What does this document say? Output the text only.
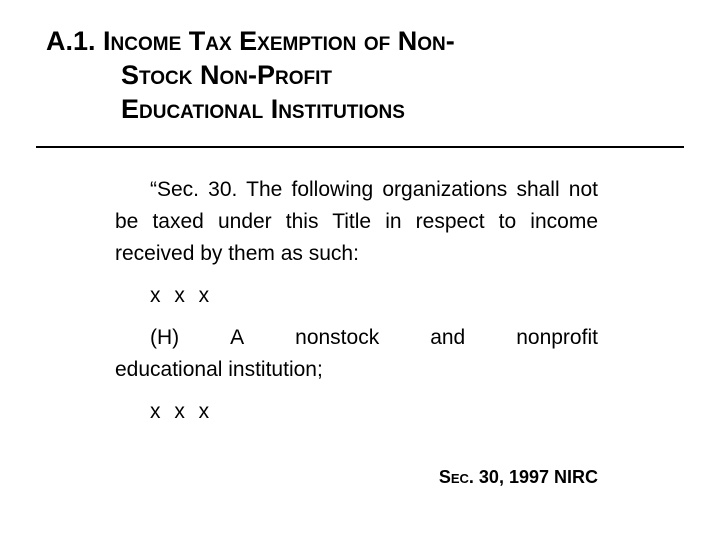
A.1. Income Tax Exemption of Non-
Stock Non-Profit
Educational Institutions

“Sec. 30. The following organizations shall not be taxed under this Title in respect to income received by them as such:

x x x

(H) A nonstock and nonprofit
educational institution;

x x x

Sec. 30, 1997 NIRC
